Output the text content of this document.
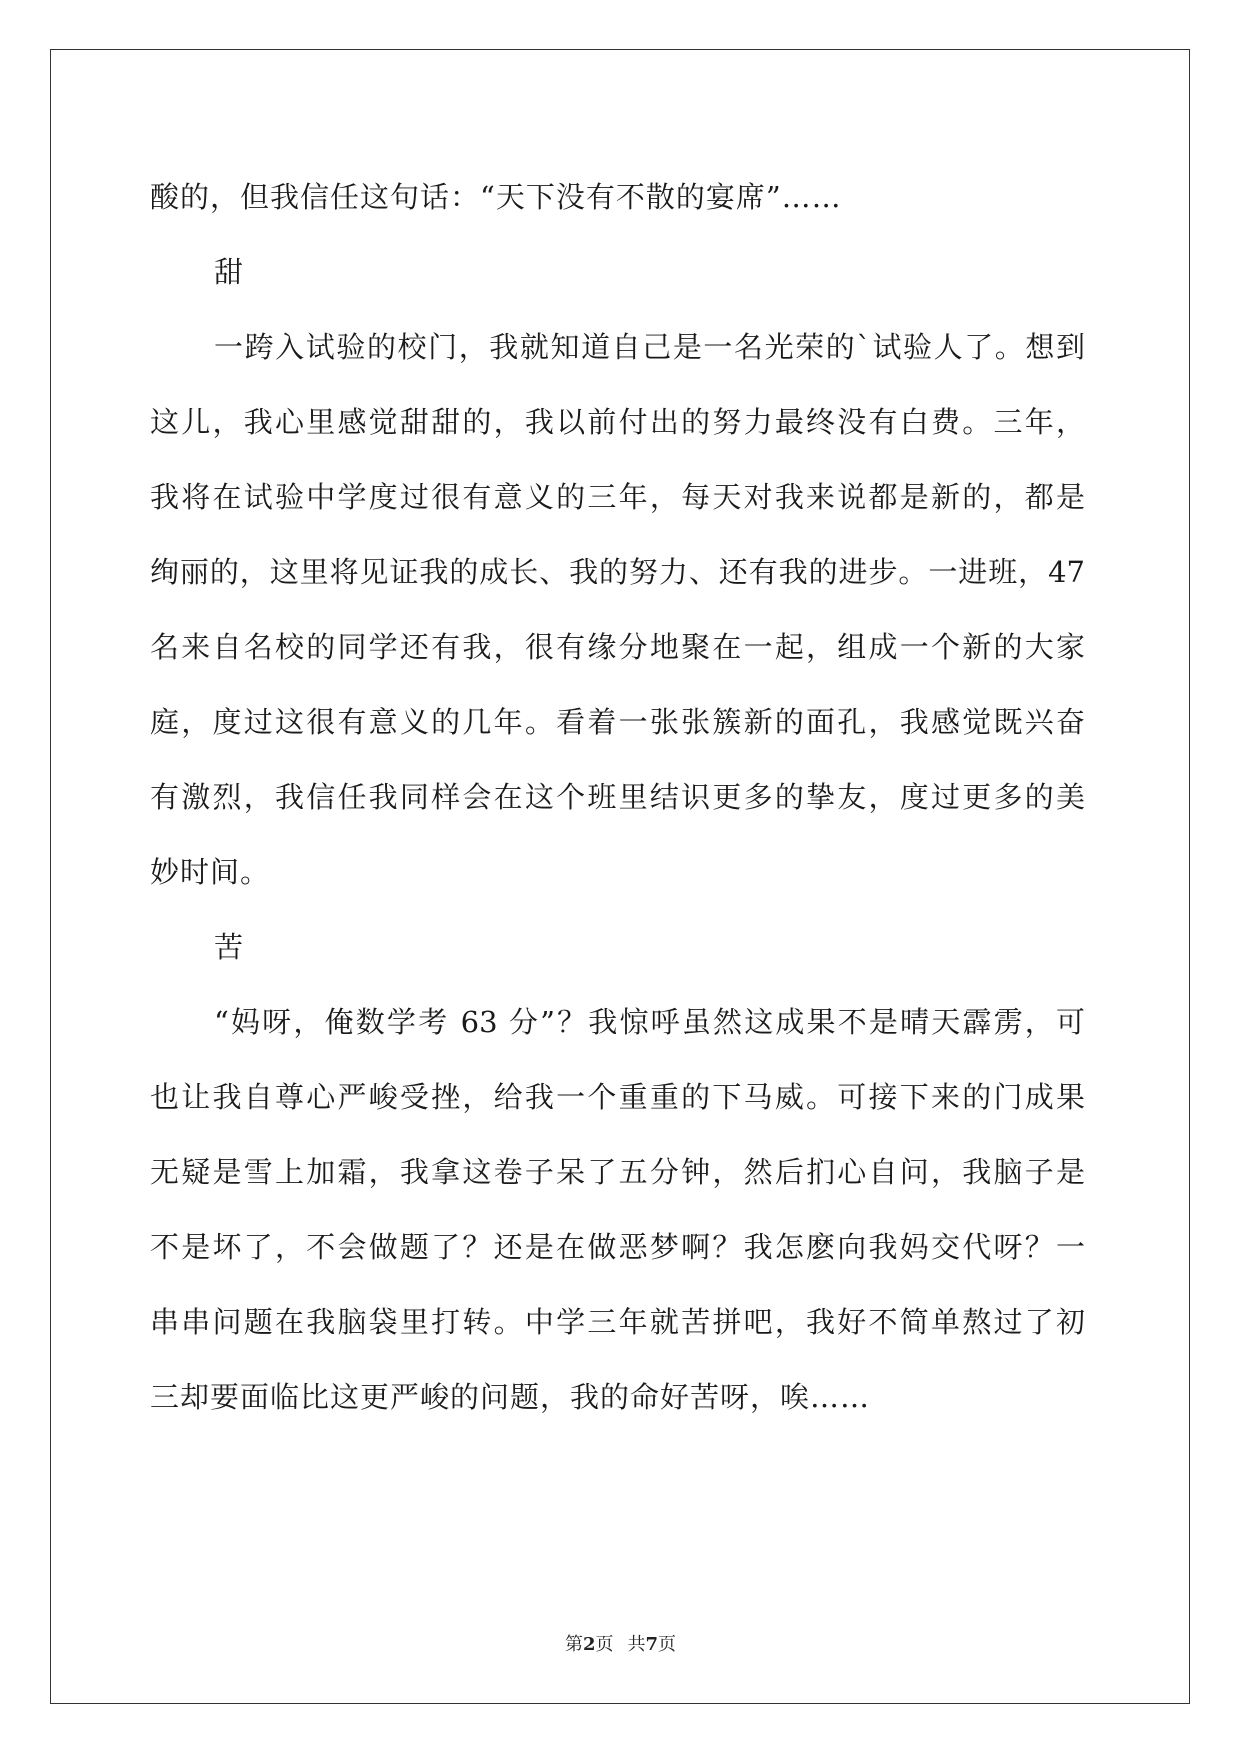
酸的，但我信任这句话：“天下没有不散的宴席”……
甜
一跨入试验的校门，我就知道自己是一名光荣的`试验人了。想到
这儿，我心里感觉甜甜的，我以前付出的努力最终没有白费。三年，
我将在试验中学度过很有意义的三年，每天对我来说都是新的，都是
绚丽的，这里将见证我的成长、我的努力、还有我的进步。一进班，47
名来自名校的同学还有我，很有缘分地聚在一起，组成一个新的大家
庭，度过这很有意义的几年。看着一张张簇新的面孔，我感觉既兴奋
有激烈，我信任我同样会在这个班里结识更多的挚友，度过更多的美
妙时间。
苦
“妈呀，俺数学考 63 分”？我惊呼虽然这成果不是晴天霹雳，可
也让我自尊心严峻受挫，给我一个重重的下马威。可接下来的门成果
无疑是雪上加霜，我拿这卷子呆了五分钟，然后扪心自问，我脑子是
不是坏了，不会做题了？还是在做恶梦啊？我怎麽向我妈交代呀？一
串串问题在我脑袋里打转。中学三年就苦拼吧，我好不简单熬过了初
三却要面临比这更严峻的问题，我的命好苦呀，唉……
第2页 共7页
